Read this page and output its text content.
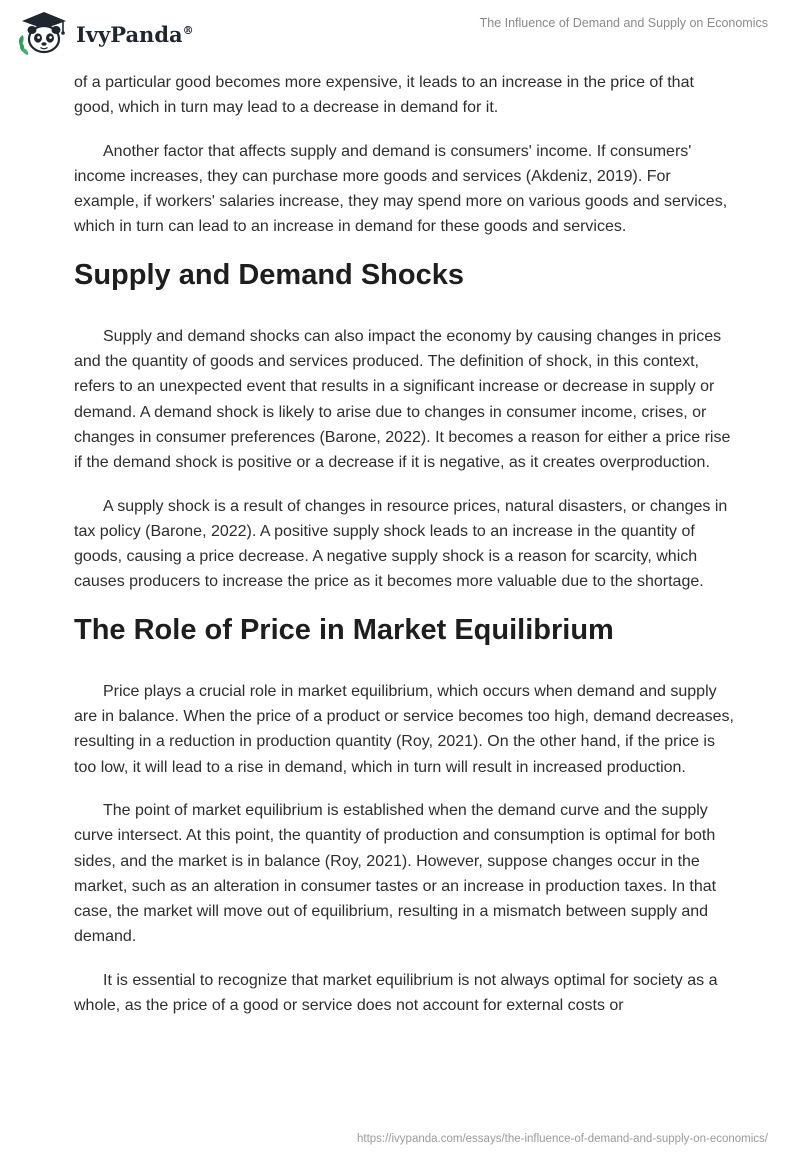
IvyPanda®	The Influence of Demand and Supply on Economics

of a particular good becomes more expensive, it leads to an increase in the price of that good, which in turn may lead to a decrease in demand for it.

Another factor that affects supply and demand is consumers' income. If consumers' income increases, they can purchase more goods and services (Akdeniz, 2019). For example, if workers' salaries increase, they may spend more on various goods and services, which in turn can lead to an increase in demand for these goods and services.

Supply and Demand Shocks

Supply and demand shocks can also impact the economy by causing changes in prices and the quantity of goods and services produced. The definition of shock, in this context, refers to an unexpected event that results in a significant increase or decrease in supply or demand. A demand shock is likely to arise due to changes in consumer income, crises, or changes in consumer preferences (Barone, 2022). It becomes a reason for either a price rise if the demand shock is positive or a decrease if it is negative, as it creates overproduction.

A supply shock is a result of changes in resource prices, natural disasters, or changes in tax policy (Barone, 2022). A positive supply shock leads to an increase in the quantity of goods, causing a price decrease. A negative supply shock is a reason for scarcity, which causes producers to increase the price as it becomes more valuable due to the shortage.

The Role of Price in Market Equilibrium

Price plays a crucial role in market equilibrium, which occurs when demand and supply are in balance. When the price of a product or service becomes too high, demand decreases, resulting in a reduction in production quantity (Roy, 2021). On the other hand, if the price is too low, it will lead to a rise in demand, which in turn will result in increased production.

The point of market equilibrium is established when the demand curve and the supply curve intersect. At this point, the quantity of production and consumption is optimal for both sides, and the market is in balance (Roy, 2021). However, suppose changes occur in the market, such as an alteration in consumer tastes or an increase in production taxes. In that case, the market will move out of equilibrium, resulting in a mismatch between supply and demand.

It is essential to recognize that market equilibrium is not always optimal for society as a whole, as the price of a good or service does not account for external costs or

https://ivypanda.com/essays/the-influence-of-demand-and-supply-on-economics/
